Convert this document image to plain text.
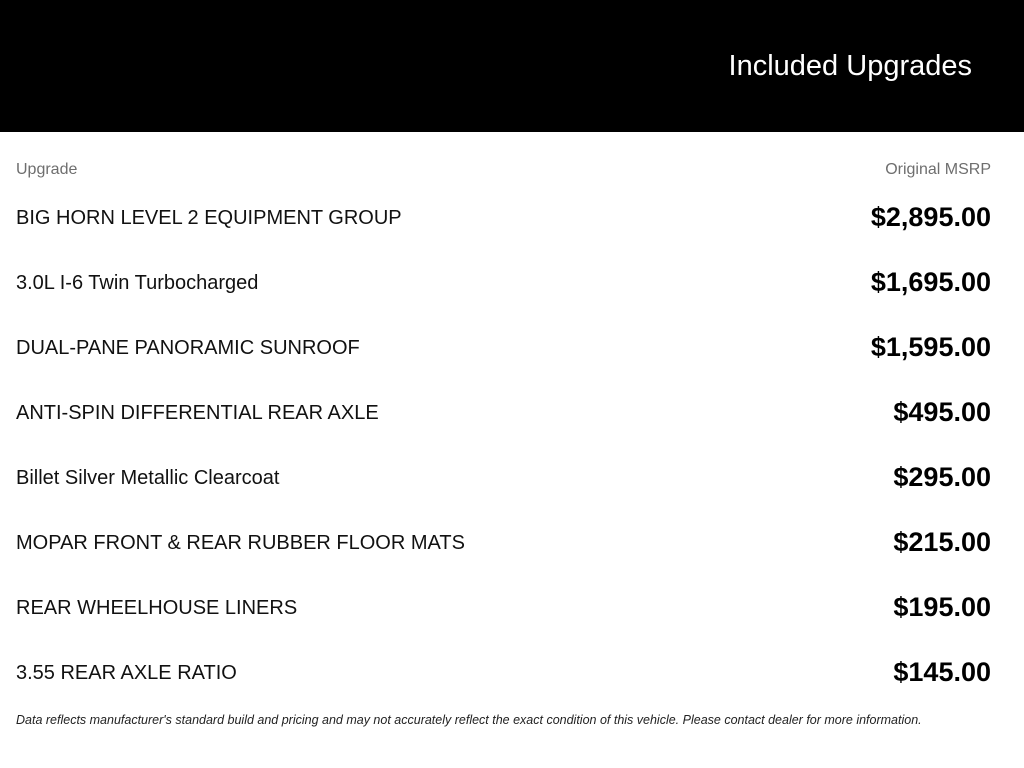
Included Upgrades
Upgrade	Original MSRP
BIG HORN LEVEL 2 EQUIPMENT GROUP	$2,895.00
3.0L I-6 Twin Turbocharged	$1,695.00
DUAL-PANE PANORAMIC SUNROOF	$1,595.00
ANTI-SPIN DIFFERENTIAL REAR AXLE	$495.00
Billet Silver Metallic Clearcoat	$295.00
MOPAR FRONT & REAR RUBBER FLOOR MATS	$215.00
REAR WHEELHOUSE LINERS	$195.00
3.55 REAR AXLE RATIO	$145.00
Data reflects manufacturer's standard build and pricing and may not accurately reflect the exact condition of this vehicle. Please contact dealer for more information.
